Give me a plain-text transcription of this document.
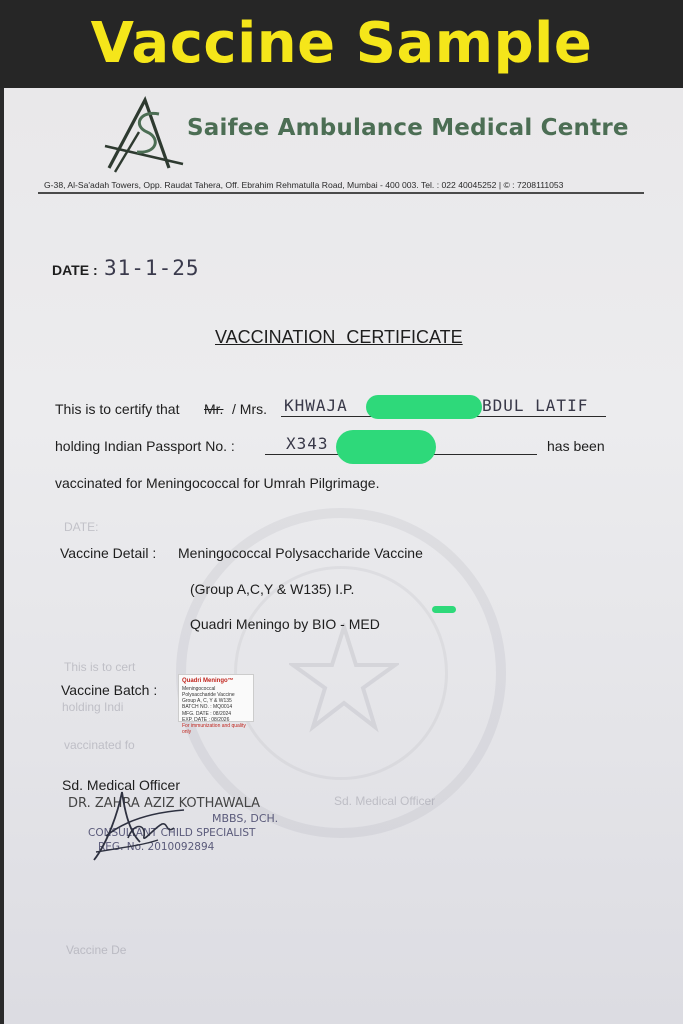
Vaccine Sample
DATE:
This is to cert
holding Indi
vaccinated fo
Vaccine De
Sd. Medical Officer
Saifee Ambulance Medical Centre
G-38, Al-Sa'adah Towers, Opp. Raudat Tahera, Off. Ebrahim Rehmatulla Road, Mumbai - 400 003. Tel. : 022 40045252 | © : 7208111053
DATE : 31-1-25
VACCINATION CERTIFICATE
This is to certify that Mr. / Mrs. KHWAJA	BDUL LATIF
holding Indian Passport No. :	X343	has been
vaccinated for Meningococcal for Umrah Pilgrimage.
Vaccine Detail : Meningococcal Polysaccharide Vaccine
(Group A,C,Y & W135) I.P.
Quadri Meningo by BIO - MED
Vaccine Batch :
Quadri Meningo™
Meningococcal Polysaccharide Vaccine
Group A, C, Y & W135
BATCH NO. : MQ0014
MFG. DATE : 08/2024
EXP. DATE : 08/2026
For immunization and quality only
Sd. Medical Officer
DR. ZAHRA AZIZ KOTHAWALA
MBBS, DCH.
CONSULTANT CHILD SPECIALIST
REG. No. 2010092894
